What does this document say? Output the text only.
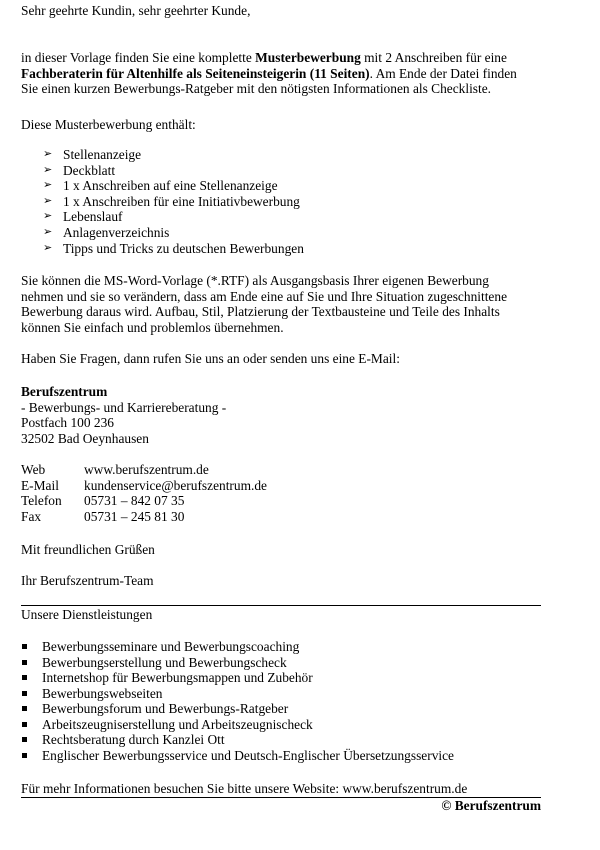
Sehr geehrte Kundin, sehr geehrter Kunde,

in dieser Vorlage finden Sie eine komplette Musterbewerbung mit 2 Anschreiben für eine

Fachberaterin für Altenhilfe als Seiteneinsteigerin (11 Seiten). Am Ende der Datei finden

Sie einen kurzen Bewerbungs-Ratgeber mit den nötigsten Informationen als Checkliste.

Diese Musterbewerbung enthält:

➢ Stellenanzeige
➢ Deckblatt
➢ 1 x Anschreiben auf eine Stellenanzeige
➢ 1 x Anschreiben für eine Initiativbewerbung
➢ Lebenslauf
➢ Anlagenverzeichnis
➢ Tipps und Tricks zu deutschen Bewerbungen

Sie können die MS-Word-Vorlage (*.RTF) als Ausgangsbasis Ihrer eigenen Bewerbung

nehmen und sie so verändern, dass am Ende eine auf Sie und Ihre Situation zugeschnittene

Bewerbung daraus wird. Aufbau, Stil, Platzierung der Textbausteine und Teile des Inhalts

können Sie einfach und problemlos übernehmen.

Haben Sie Fragen, dann rufen Sie uns an oder senden uns eine E-Mail:

Berufszentrum

- Bewerbungs- und Karriereberatung -

Postfach 100 236

32502 Bad Oeynhausen

Web	www.berufszentrum.de
E-Mail	kundenservice@berufszentrum.de
Telefon	05731 – 842 07 35
Fax	05731 – 245 81 30

Mit freundlichen Grüßen

Ihr Berufszentrum-Team

Unsere Dienstleistungen

Bewerbungsseminare und Bewerbungscoaching
Bewerbungserstellung und Bewerbungscheck
Internetshop für Bewerbungsmappen und Zubehör
Bewerbungswebseiten
Bewerbungsforum und Bewerbungs-Ratgeber
Arbeitszeugniserstellung und Arbeitszeugnischeck
Rechtsberatung durch Kanzlei Ott
Englischer Bewerbungsservice und Deutsch-Englischer Übersetzungsservice

Für mehr Informationen besuchen Sie bitte unsere Website: www.berufszentrum.de

© Berufszentrum
